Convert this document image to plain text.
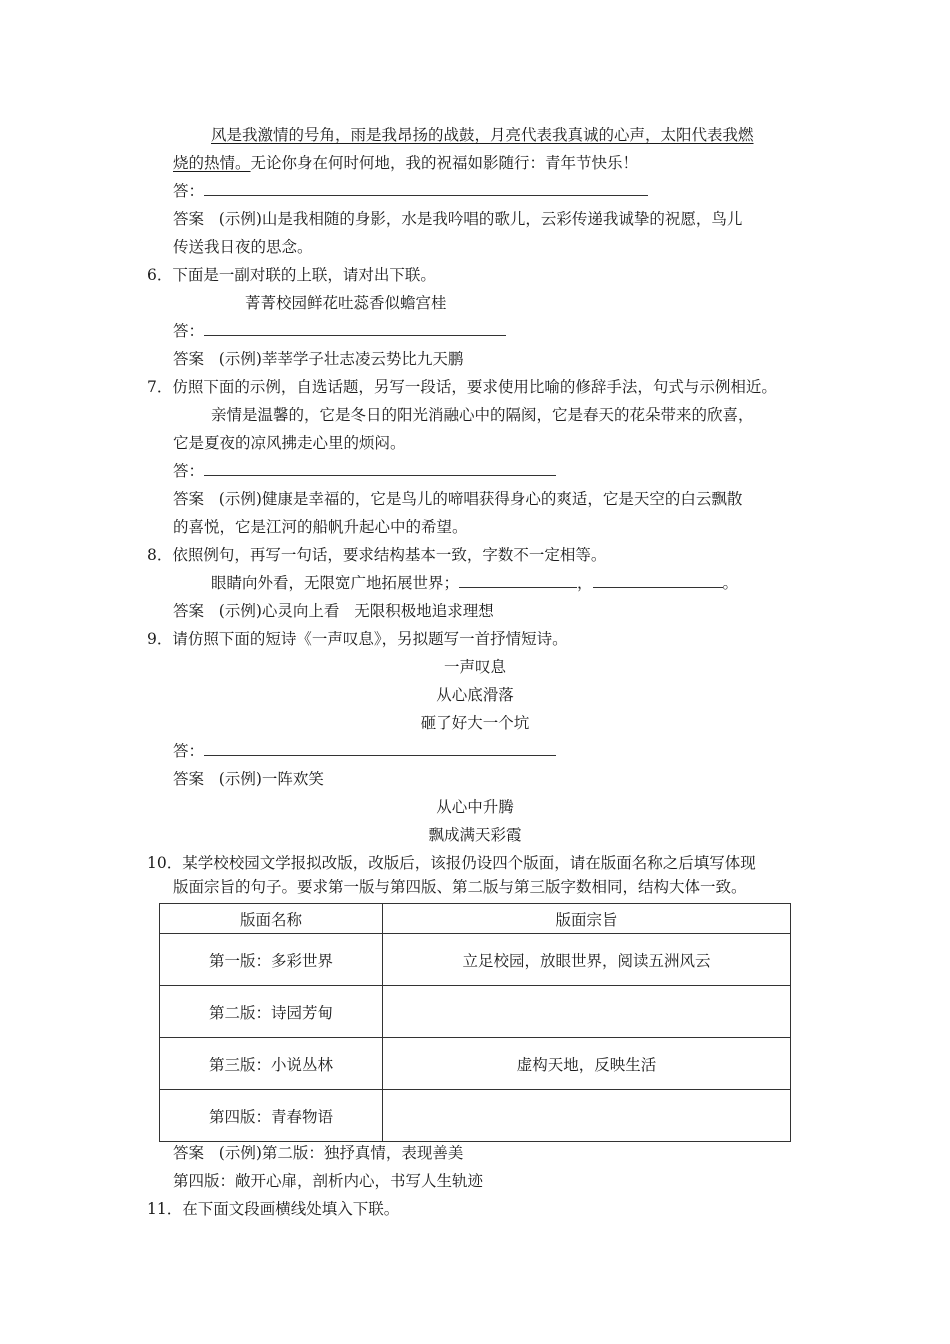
风是我激情的号角，雨是我昂扬的战鼓，月亮代表我真诚的心声，太阳代表我燃
烧的热情。无论你身在何时何地，我的祝福如影随行：青年节快乐！
答：
答案 (示例)山是我相随的身影，水是我吟唱的歌儿，云彩传递我诚挚的祝愿，鸟儿
传送我日夜的思念。
6．下面是一副对联的上联，请对出下联。
菁菁校园鲜花吐蕊香似蟾宫桂
答：
答案 (示例)莘莘学子壮志凌云势比九天鹏
7．仿照下面的示例，自选话题，另写一段话，要求使用比喻的修辞手法，句式与示例相近。
亲情是温馨的，它是冬日的阳光消融心中的隔阂，它是春天的花朵带来的欣喜，
它是夏夜的凉风拂走心里的烦闷。
答：
答案 (示例)健康是幸福的，它是鸟儿的啼唱获得身心的爽适，它是天空的白云飘散
的喜悦，它是江河的船帆升起心中的希望。
8．依照例句，再写一句话，要求结构基本一致，字数不一定相等。
眼睛向外看，无限宽广地拓展世界；	，	。
答案 (示例)心灵向上看 无限积极地追求理想
9．请仿照下面的短诗《一声叹息》，另拟题写一首抒情短诗。
一声叹息
从心底滑落
砸了好大一个坑
答：
答案 (示例)一阵欢笑
从心中升腾
飘成满天彩霞
10．某学校校园文学报拟改版，改版后，该报仍设四个版面，请在版面名称之后填写体现
版面宗旨的句子。要求第一版与第四版、第二版与第三版字数相同，结构大体一致。
版面名称	版面宗旨
第一版：多彩世界	立足校园，放眼世界，阅读五洲风云
第二版：诗园芳甸	
第三版：小说丛林	虚构天地，反映生活
第四版：青春物语	
答案 (示例)第二版：独抒真情，表现善美
第四版：敞开心扉，剖析内心，书写人生轨迹
11．在下面文段画横线处填入下联。
